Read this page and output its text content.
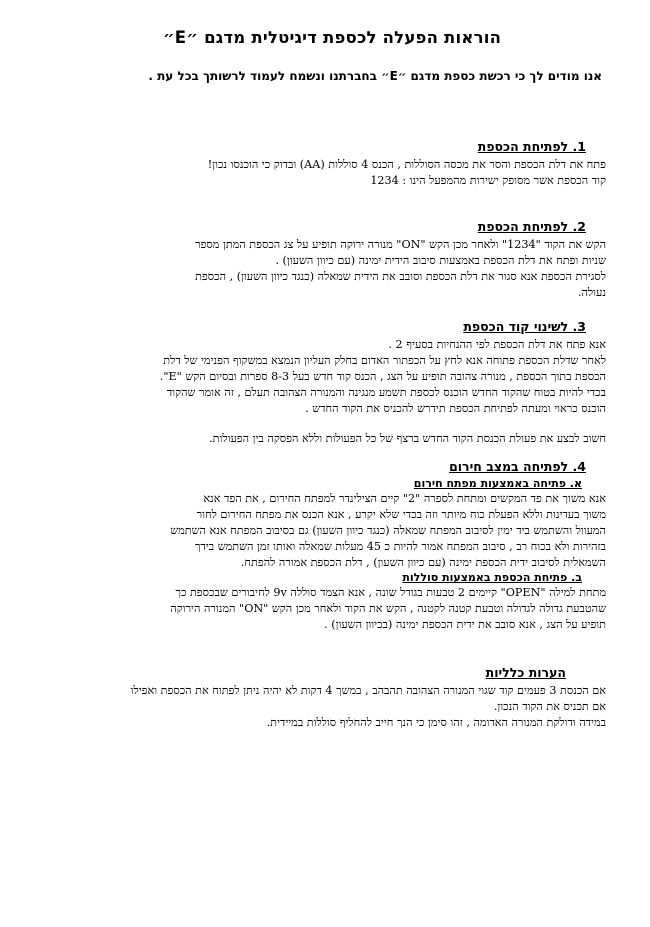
הוראות הפעלה לכספת דיגיטלית מדגם ״E״

אנו מודים לך כי רכשת כספת מדגם ״E״ בחברתנו ונשמח לעמוד לרשותך בכל עת .

1. לפתיחת הכספת

פתח את דלת הכספת והסר את מכסה הסוללות , הכנס 4 סוללות (AA) ובדוק כי הוכנסו נכון!

קוד הכספת אשר מסופק ישירות מהמפעל הינו : 1234

2. לפתיחת הכספת

הקש את הקוד "1234" ולאחר מכן הקש "ON" מנורה ירוקה תופיע על צג הכספת המתן מספר

שניות ופתח את דלת הכספת באמצעות סיבוב הידית ימינה (עם כיוון השעון) .

לסגירת הכספת אנא סגור את דלת הכספת וסובב את הידית שמאלה (כנגד כיוון השעון) , הכספת

נעולה.

3. לשינוי קוד הכספת

אנא פתח את דלת הכספת לפי ההנחיות בסעיף 2 .

לאחר שדלת הכספת פתוחה אנא לחץ על הכפתור האדום בחלק העליון הנמצא במשקוף הפנימי של דלת

הכספת בתוך הכספת , מנורה צהובה תופיע על הצג , הכנס קוד חדש בעל 8-3 ספרות ובסיום הקש "E".

בכדי להיות בטוח שהקוד החדש הוכנס לכספת תשמע מנגינה והמנורה הצהובה תעלם , זה אומר שהקוד

הוכנס כראוי ומעתה לפתיחת הכספת תידרש להכניס את הקוד החדש .

חשוב לבצע את פעולת הכנסת הקוד החדש ברצף של כל הפעולות וללא הפסקה בין הפעולות.

4. לפתיחה במצב חירום
א. פתיחה באמצעות מפתח חירום

אנא משוך את פד המקשים ומתחת לספרה "2" קיים הצילינדר למפתח החירום , את הפד אנא

משוך בעדינות וללא הפעלת כוח מיותר וזה בכדי שלא יקרע , אנא הכנס את מפתח החירום לחור

המעוול והשתמש ביד ימין לסיבוב המפתח שמאלה (כנגד כיוון השעון) גם בסיבוב המפתח אנא השתמש

בזהירות ולא בכוח רב , סיבוב המפתח אמור להיות כ 45 מעלות שמאלה ואותו זמן השתמש בידך

השמאלית לסיבוב ידית הכספת ימינה (עם כיוון השעון) , דלת הכספת אמורה להפתח.

ב. פתיחת הכספת באמצעות סוללות

מתחת למילה "OPEN" קיימים 2 טבעות בגודל שונה , אנא הצמד סוללה 9v לחיבורים שבכספת כך

שהטבעת גדולה לגדולה וטבעת קטנה לקטנה , הקש את הקוד ולאחר מכן הקש "ON" המנורה הירוקה

תופיע על הצג , אנא סובב את ידית הכספת ימינה (בכיוון השעון) .

הערות כלליות

אם הכנסת 3 פעמים קוד שגוי המנורה הצהובה תהבהב , במשך 4 דקות לא יהיה ניתן לפתוח את הכספת ואפילו

אם תכניס את הקוד הנכון.

במידה ודולקת המנורה האדומה , זהו סימן כי הנך חייב להחליף סוללות במיידית.
